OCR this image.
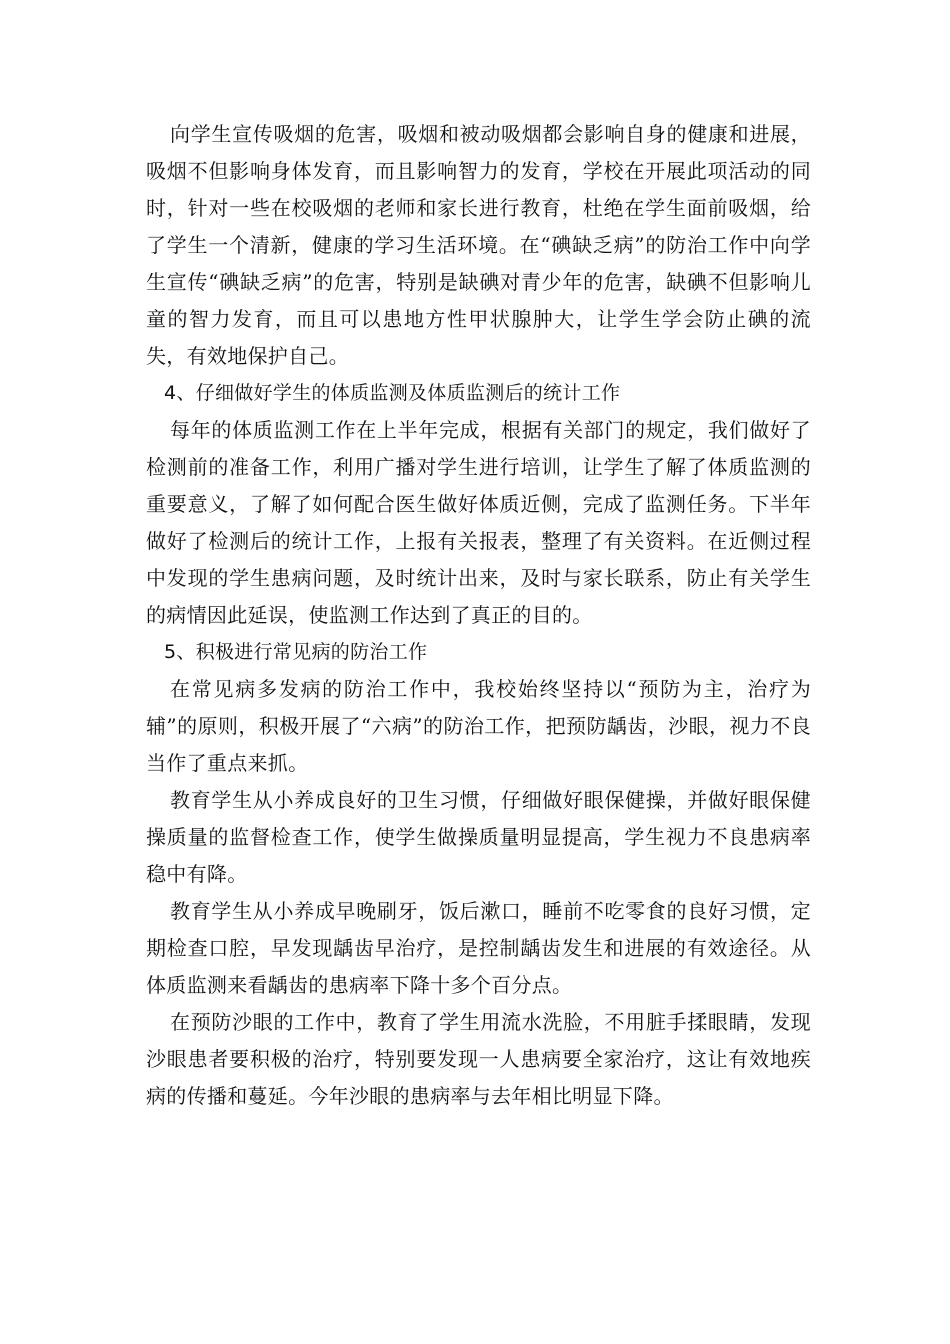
向学生宣传吸烟的危害，吸烟和被动吸烟都会影响自身的健康和进展，吸烟不但影响身体发育，而且影响智力的发育，学校在开展此项活动的同时，针对一些在校吸烟的老师和家长进行教育，杜绝在学生面前吸烟，给了学生一个清新，健康的学习生活环境。在“碘缺乏病”的防治工作中向学生宣传“碘缺乏病”的危害，特别是缺碘对青少年的危害，缺碘不但影响儿童的智力发育，而且可以患地方性甲状腺肿大，让学生学会防止碘的流失，有效地保护自己。

4、仔细做好学生的体质监测及体质监测后的统计工作

每年的体质监测工作在上半年完成，根据有关部门的规定，我们做好了检测前的准备工作，利用广播对学生进行培训，让学生了解了体质监测的重要意义，了解了如何配合医生做好体质近侧，完成了监测任务。下半年做好了检测后的统计工作，上报有关报表，整理了有关资料。在近侧过程中发现的学生患病问题，及时统计出来，及时与家长联系，防止有关学生的病情因此延误，使监测工作达到了真正的目的。

5、积极进行常见病的防治工作

在常见病多发病的防治工作中，我校始终坚持以“预防为主，治疗为辅”的原则，积极开展了“六病”的防治工作，把预防龋齿，沙眼，视力不良当作了重点来抓。

教育学生从小养成良好的卫生习惯，仔细做好眼保健操，并做好眼保健操质量的监督检查工作，使学生做操质量明显提高，学生视力不良患病率稳中有降。

教育学生从小养成早晚刷牙，饭后漱口，睡前不吃零食的良好习惯，定期检查口腔，早发现龋齿早治疗，是控制龋齿发生和进展的有效途径。从体质监测来看龋齿的患病率下降十多个百分点。

在预防沙眼的工作中，教育了学生用流水洗脸，不用脏手揉眼睛，发现沙眼患者要积极的治疗，特别要发现一人患病要全家治疗，这让有效地疾病的传播和蔓延。今年沙眼的患病率与去年相比明显下降。
